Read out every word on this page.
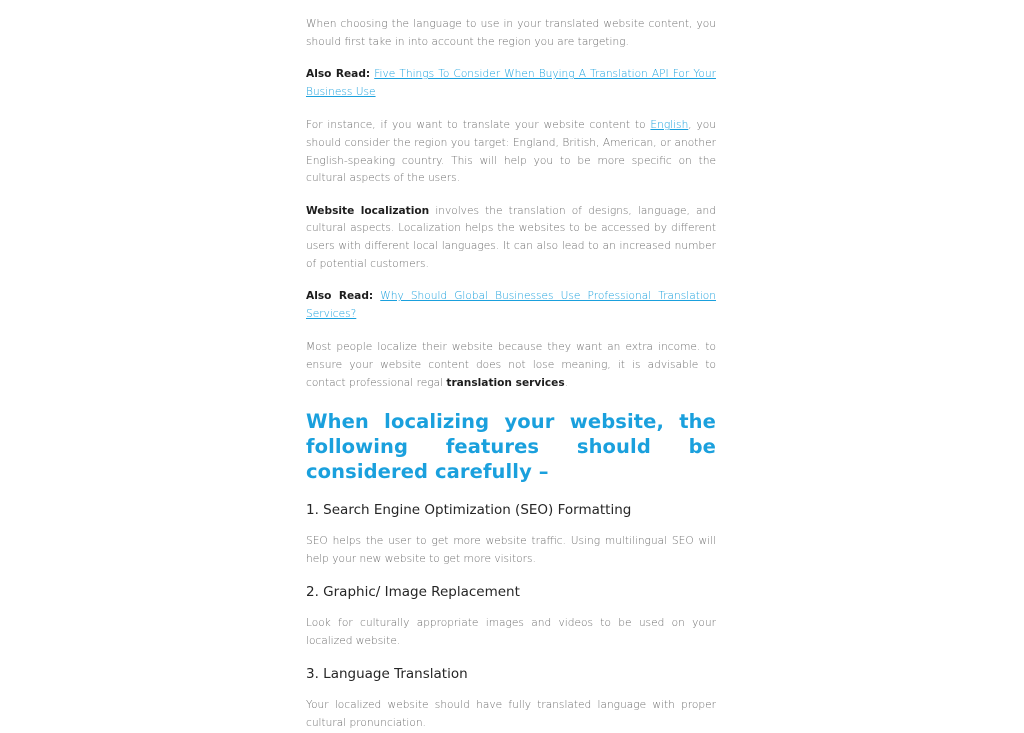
When choosing the language to use in your translated website content, you should first take in into account the region you are targeting.

Also Read: Five Things To Consider When Buying A Translation API For Your Business Use

For instance, if you want to translate your website content to English, you should consider the region you target: England, British, American, or another English-speaking country. This will help you to be more specific on the cultural aspects of the users.

Website localization involves the translation of designs, language, and cultural aspects. Localization helps the websites to be accessed by different users with different local languages. It can also lead to an increased number of potential customers.

Also Read: Why Should Global Businesses Use Professional Translation Services?

Most people localize their website because they want an extra income. to ensure your website content does not lose meaning, it is advisable to contact professional regal translation services.

When localizing your website, the following features should be considered carefully –
1. Search Engine Optimization (SEO) Formatting

SEO helps the user to get more website traffic. Using multilingual SEO will help your new website to get more visitors.

2. Graphic/ Image Replacement

Look for culturally appropriate images and videos to be used on your localized website.

3. Language Translation

Your localized website should have fully translated language with proper cultural pronunciation.
